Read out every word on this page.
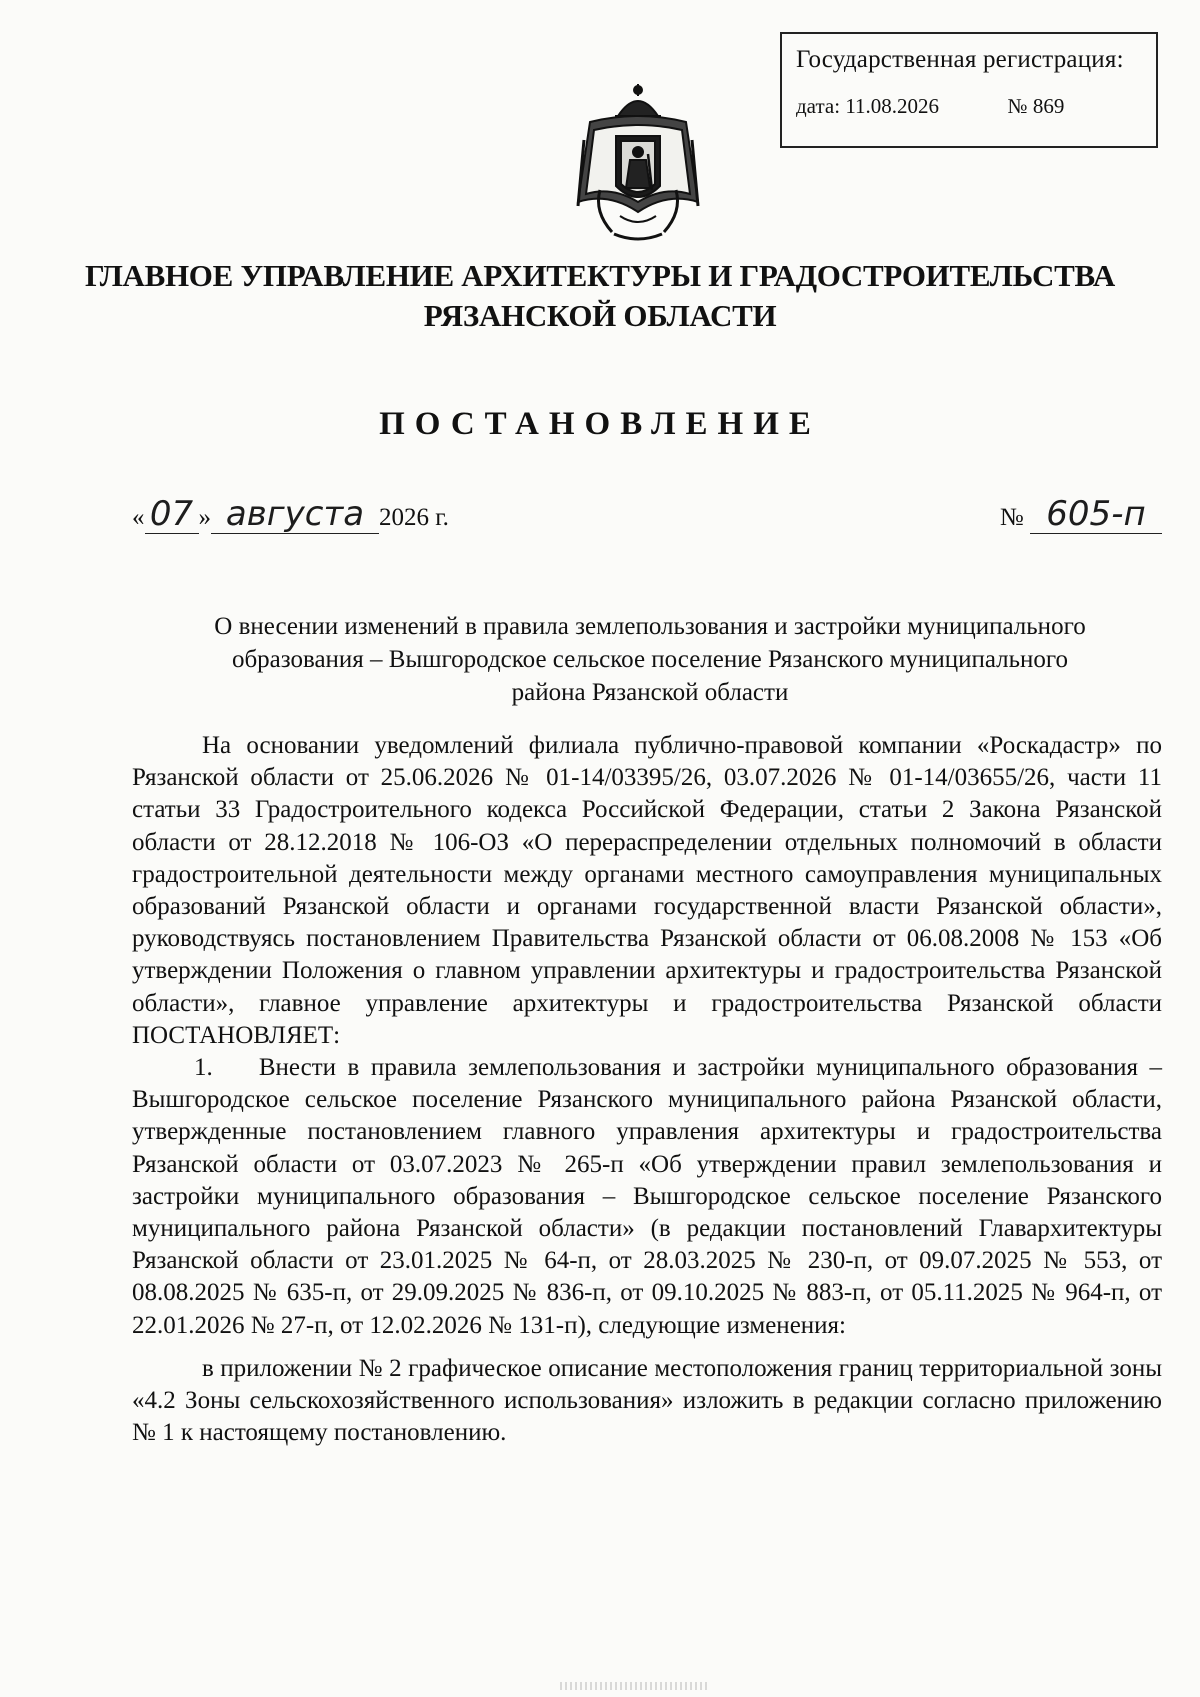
Государственная регистрация:
дата: 11.08.2026	№ 869
ГЛАВНОЕ УПРАВЛЕНИЕ АРХИТЕКТУРЫ И ГРАДОСТРОИТЕЛЬСТВА
РЯЗАНСКОЙ ОБЛАСТИ
ПОСТАНОВЛЕНИЕ
« 07 » августа 2026 г.	№ 605-п
О внесении изменений в правила землепользования и застройки муниципального
образования – Вышгородское сельское поселение Рязанского муниципального
района Рязанской области

На основании уведомлений филиала публично-правовой компании «Роскадастр» по Рязанской области от 25.06.2026 № 01-14/03395/26, 03.07.2026 № 01-14/03655/26, части 11 статьи 33 Градостроительного кодекса Российской Федерации, статьи 2 Закона Рязанской области от 28.12.2018 № 106-ОЗ «О перераспределении отдельных полномочий в области градостроительной деятельности между органами местного самоуправления муниципальных образований Рязанской области и органами государственной власти Рязанской области», руководствуясь постановлением Правительства Рязанской области от 06.08.2008 № 153 «Об утверждении Положения о главном управлении архитектуры и градостроительства Рязанской области», главное управление архитектуры и градостроительства Рязанской области ПОСТАНОВЛЯЕТ:

1. Внести в правила землепользования и застройки муниципального образования – Вышгородское сельское поселение Рязанского муниципального района Рязанской области, утвержденные постановлением главного управления архитектуры и градостроительства Рязанской области от 03.07.2023 № 265-п «Об утверждении правил землепользования и застройки муниципального образования – Вышгородское сельское поселение Рязанского муниципального района Рязанской области» (в редакции постановлений Главархитектуры Рязанской области от 23.01.2025 № 64-п, от 28.03.2025 № 230-п, от 09.07.2025 № 553, от 08.08.2025 № 635-п, от 29.09.2025 № 836-п, от 09.10.2025 № 883-п, от 05.11.2025 № 964-п, от 22.01.2026 № 27-п, от 12.02.2026 № 131-п), следующие изменения:

в приложении № 2 графическое описание местоположения границ территориальной зоны «4.2 Зоны сельскохозяйственного использования» изложить в редакции согласно приложению № 1 к настоящему постановлению.
